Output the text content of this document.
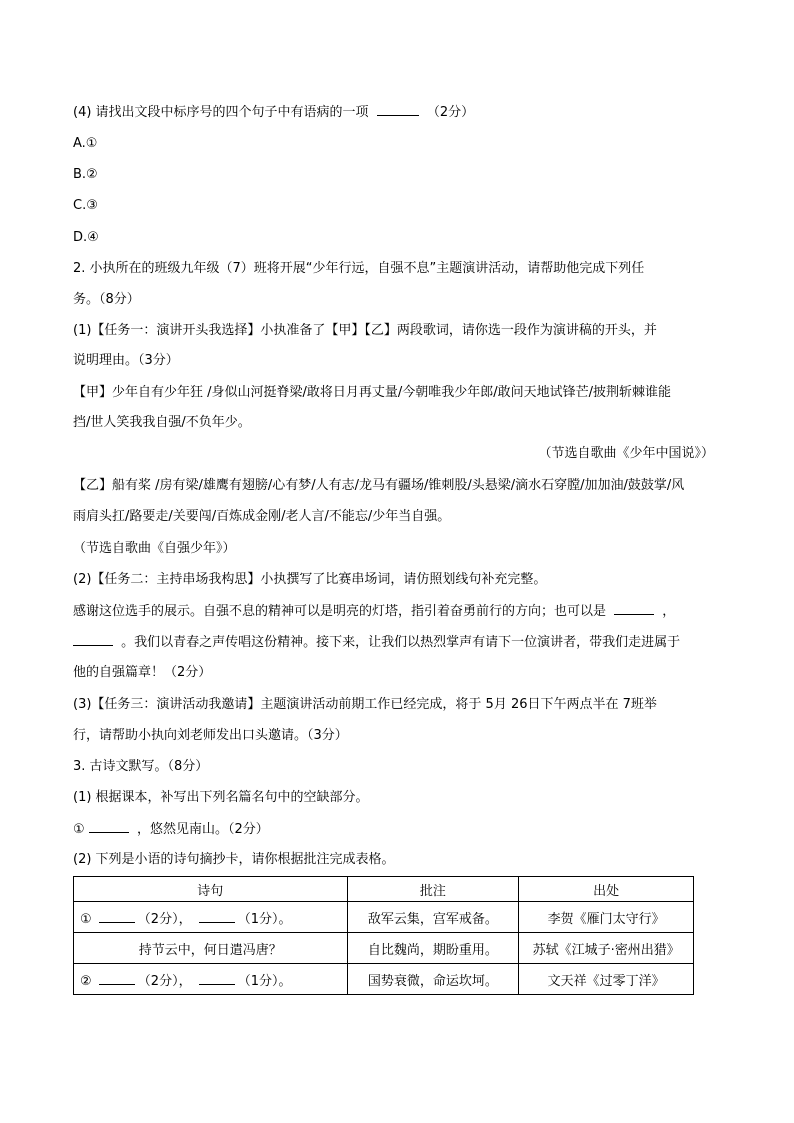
(4) 请找出文段中标序号的四个句子中有语病的一项	（2分）
A.①
B.②
C.③
D.④
2. 小执所在的班级九年级（7）班将开展“少年行远，自强不息”主题演讲活动，请帮助他完成下列任
务。（8分）
(1)【任务一：演讲开头我选择】小执准备了【甲】【乙】两段歌词，请你选一段作为演讲稿的开头，并
说明理由。（3分）
【甲】少年自有少年狂 /身似山河挺脊梁/敢将日月再丈量/今朝唯我少年郎/敢问天地试锋芒/披荆斩棘谁能
挡/世人笑我我自强/不负年少。
（节选自歌曲《少年中国说》）
【乙】船有桨 /房有梁/雄鹰有翅膀/心有梦/人有志/龙马有疆场/锥刺股/头悬梁/滴水石穿膛/加加油/鼓鼓掌/风
雨肩头扛/路要走/关要闯/百炼成金刚/老人言/不能忘/少年当自强。
（节选自歌曲《自强少年》）
(2)【任务二：主持串场我构思】小执撰写了比赛串场词，请仿照划线句补充完整。
感谢这位选手的展示。自强不息的精神可以是明亮的灯塔，指引着奋勇前行的方向；也可以是	，
。我们以青春之声传唱这份精神。接下来，让我们以热烈掌声有请下一位演讲者，带我们走进属于
他的自强篇章！（2分）
(3)【任务三：演讲活动我邀请】主题演讲活动前期工作已经完成，将于 5月 26日下午两点半在 7班举
行，请帮助小执向刘老师发出口头邀请。（3分）
3. 古诗文默写。（8分）
(1) 根据课本，补写出下列名篇名句中的空缺部分。
①	，悠然见南山。（2分）
(2) 下列是小语的诗句摘抄卡，请你根据批注完成表格。
诗句	批注	出处
① （2分）， （1分）。	敌军云集，宫军戒备。	李贺《雁门太守行》
持节云中，何日遣冯唐？	自比魏尚，期盼重用。	苏轼《江城子·密州出猎》
② （2分）， （1分）。	国势衰微，命运坎坷。	文天祥《过零丁洋》
